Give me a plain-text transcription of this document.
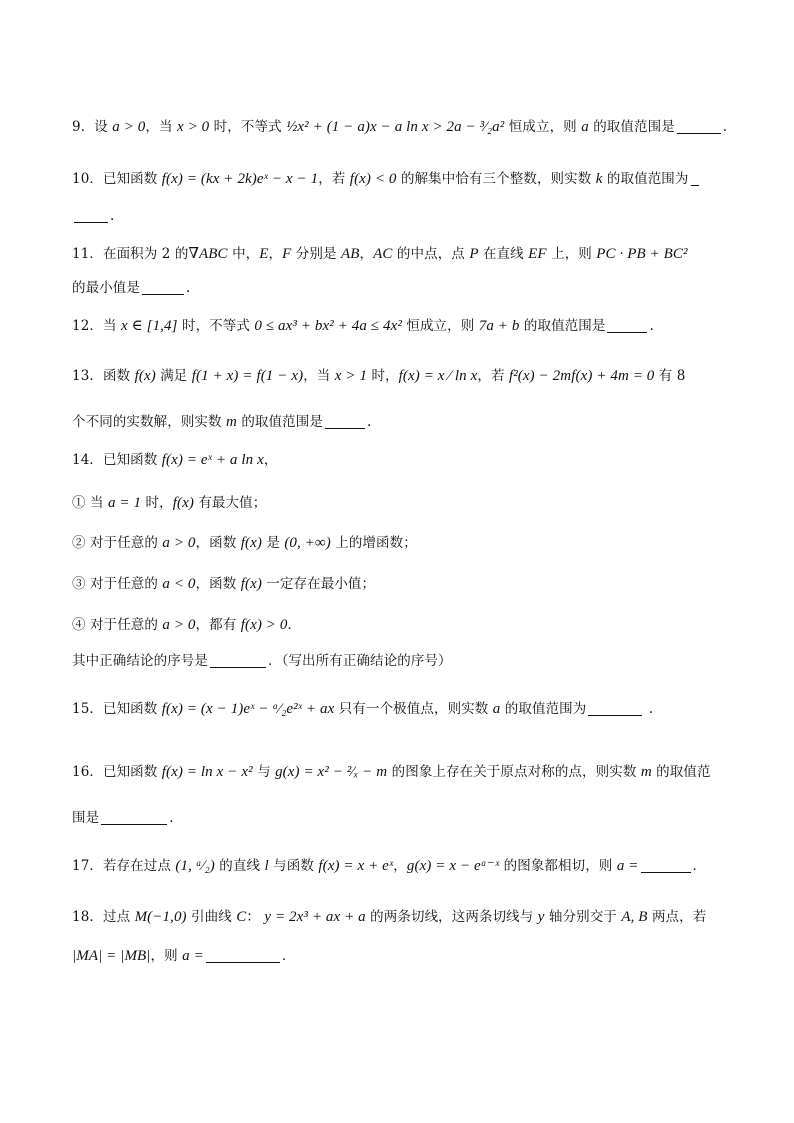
9．设 a > 0，当 x > 0 时，不等式 ½x² + (1 − a)x − a ln x > 2a − ³⁄₂a² 恒成立，则 a 的取值范围是	.
10．已知函数 f(x) = (kx + 2k)eˣ − x − 1，若 f(x) < 0 的解集中恰有三个整数，则实数 k 的取值范围为
.
11．在面积为 2 的∇ABC 中，E，F 分别是 AB，AC 的中点，点 P 在直线 EF 上，则 PC · PB + BC²
的最小值是	.
12．当 x ∈ [1,4] 时，不等式 0 ≤ ax³ + bx² + 4a ≤ 4x² 恒成立，则 7a + b 的取值范围是	.
13．函数 f(x) 满足 f(1 + x) = f(1 − x)，当 x > 1 时，f(x) = x ⁄ ln x，若 f²(x) − 2mf(x) + 4m = 0 有 8
个不同的实数解，则实数 m 的取值范围是	.
14．已知函数 f(x) = eˣ + a ln x，
① 当 a = 1 时，f(x) 有最大值；
② 对于任意的 a > 0，函数 f(x) 是 (0, +∞) 上的增函数；
③ 对于任意的 a < 0，函数 f(x) 一定存在最小值；
④ 对于任意的 a > 0，都有 f(x) > 0．
其中正确结论的序号是	．（写出所有正确结论的序号）
15．已知函数 f(x) = (x − 1)eˣ − ᵃ⁄₂e²ˣ + ax 只有一个极值点，则实数 a 的取值范围为	.
16．已知函数 f(x) = ln x − x² 与 g(x) = x² − ²⁄ₓ − m 的图象上存在关于原点对称的点，则实数 m 的取值范
围是	．
17．若存在过点 (1, ᵃ⁄₂) 的直线 l 与函数 f(x) = x + eˣ，g(x) = x − eᵃ⁻ˣ 的图象都相切，则 a =	．
18．过点 M(−1,0) 引曲线 C： y = 2x³ + ax + a 的两条切线，这两条切线与 y 轴分别交于 A, B 两点，若
|MA| = |MB|，则 a =	．
